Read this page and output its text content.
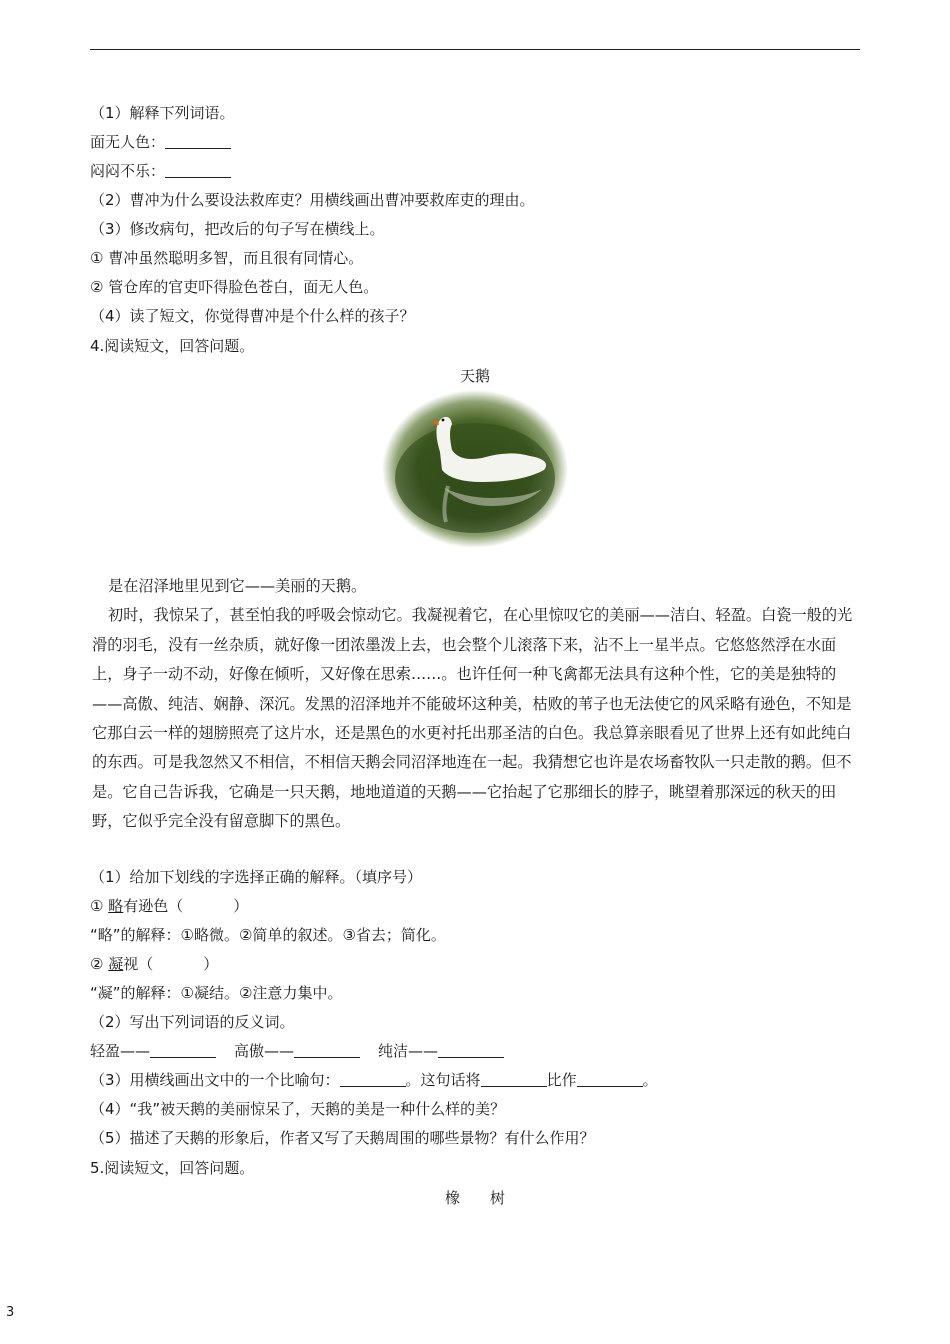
（1）解释下列词语。
面无人色：
闷闷不乐：
（2）曹冲为什么要设法救库吏？用横线画出曹冲要救库吏的理由。
（3）修改病句，把改后的句子写在横线上。
① 曹冲虽然聪明多智，而且很有同情心。
② 管仓库的官吏吓得脸色苍白，面无人色。
（4）读了短文，你觉得曹冲是个什么样的孩子？
4.阅读短文，回答问题。
天鹅

是在沼泽地里见到它——美丽的天鹅。

初时，我惊呆了，甚至怕我的呼吸会惊动它。我凝视着它，在心里惊叹它的美丽——洁白、轻盈。白瓷一般的光滑的羽毛，没有一丝杂质，就好像一团浓墨泼上去，也会整个儿滚落下来，沾不上一星半点。它悠悠然浮在水面上，身子一动不动，好像在倾听，又好像在思索……。也许任何一种飞禽都无法具有这种个性，它的美是独特的——高傲、纯洁、娴静、深沉。发黑的沼泽地并不能破坏这种美，枯败的苇子也无法使它的风采略有逊色，不知是它那白云一样的翅膀照亮了这片水，还是黑色的水更衬托出那圣洁的白色。我总算亲眼看见了世界上还有如此纯白的东西。可是我忽然又不相信，不相信天鹅会同沼泽地连在一起。我猜想它也许是农场畜牧队一只走散的鹅。但不是。它自己告诉我，它确是一只天鹅，地地道道的天鹅——它抬起了它那细长的脖子，眺望着那深远的秋天的田野，它似乎完全没有留意脚下的黑色。

（1）给加下划线的字选择正确的解释。（填序号）
① 略有逊色（	）
“略”的解释：①略微。②简单的叙述。③省去；简化。
② 凝视（	）
“凝”的解释：①凝结。②注意力集中。
（2）写出下列词语的反义词。
轻盈——	高傲——	纯洁——
（3）用横线画出文中的一个比喻句：	。这句话将	比作	。
（4）“我”被天鹅的美丽惊呆了，天鹅的美是一种什么样的美？
（5）描述了天鹅的形象后，作者又写了天鹅周围的哪些景物？有什么作用？
5.阅读短文，回答问题。
橡　　树
3
